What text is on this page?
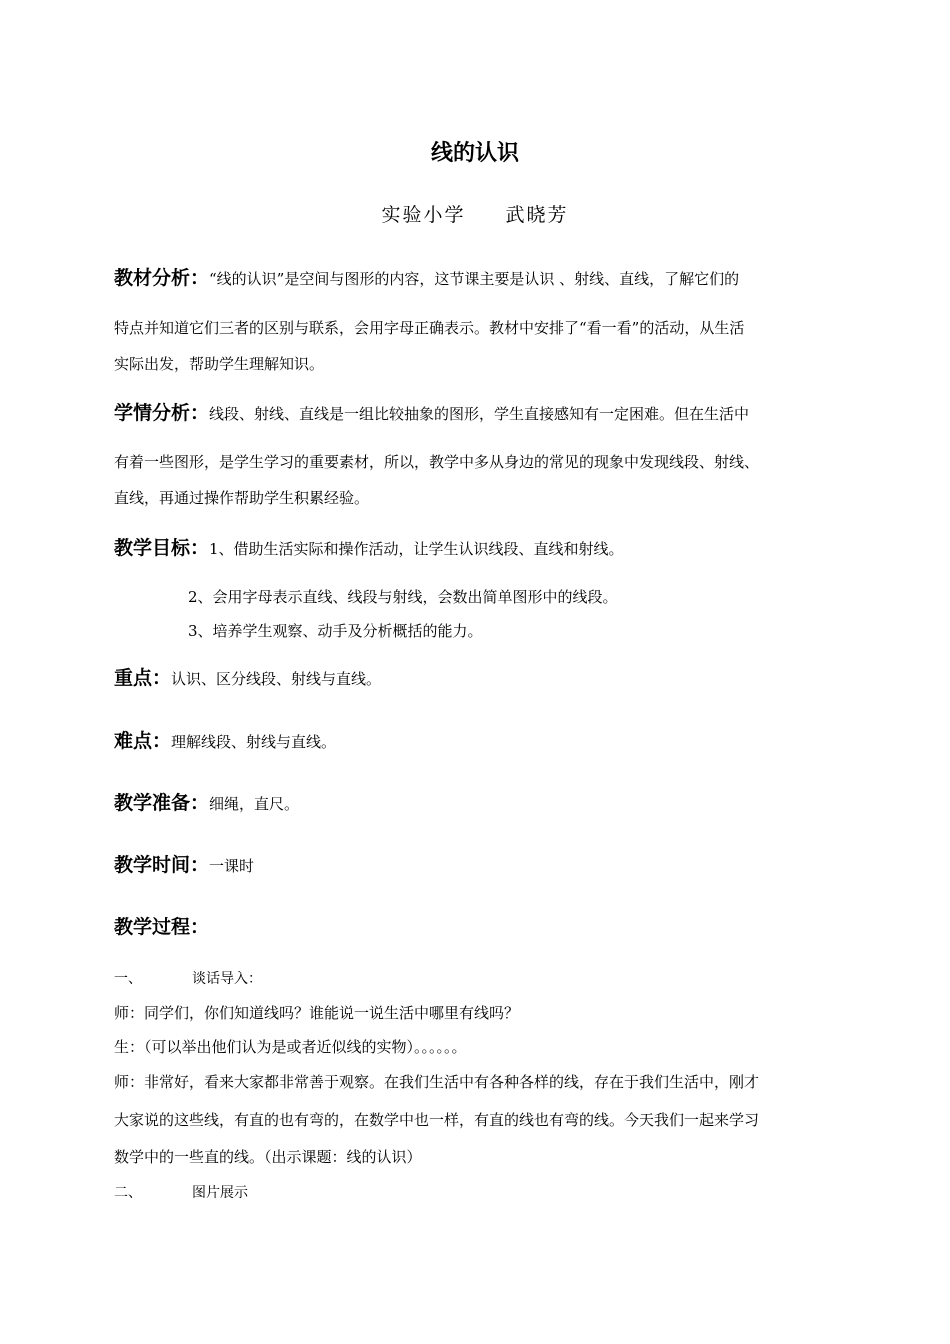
线的认识
实验小学 武晓芳
教材分析：“线的认识”是空间与图形的内容，这节课主要是认识 、射线、直线，了解它们的
特点并知道它们三者的区别与联系，会用字母正确表示。教材中安排了“看一看”的活动，从生活
实际出发，帮助学生理解知识。
学情分析：线段、射线、直线是一组比较抽象的图形，学生直接感知有一定困难。但在生活中
有着一些图形，是学生学习的重要素材，所以，教学中多从身边的常见的现象中发现线段、射线、
直线，再通过操作帮助学生积累经验。
教学目标：1、借助生活实际和操作活动，让学生认识线段、直线和射线。
2、会用字母表示直线、线段与射线，会数出简单图形中的线段。
3、培养学生观察、动手及分析概括的能力。
重点：认识、区分线段、射线与直线。
难点：理解线段、射线与直线。
教学准备：细绳，直尺。
教学时间：一课时
教学过程：
一、	谈话导入：
师：同学们，你们知道线吗？谁能说一说生活中哪里有线吗？
生：（可以举出他们认为是或者近似线的实物）。。。。。。
师：非常好，看来大家都非常善于观察。在我们生活中有各种各样的线，存在于我们生活中，刚才
大家说的这些线，有直的也有弯的，在数学中也一样，有直的线也有弯的线。今天我们一起来学习
数学中的一些直的线。（出示课题：线的认识）
二、	图片展示
